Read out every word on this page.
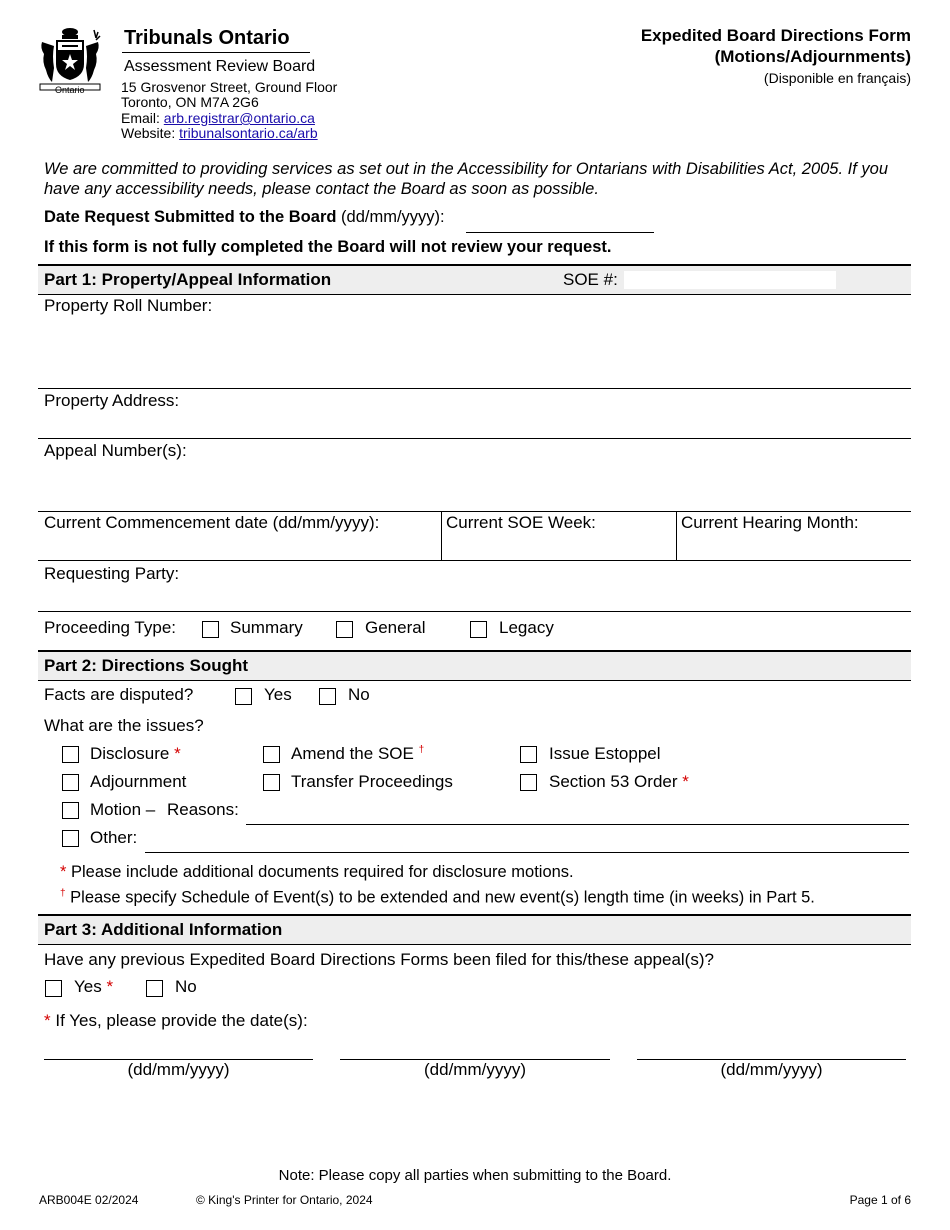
Ontario
Tribunals Ontario
Assessment Review Board
15 Grosvenor Street, Ground Floor
Toronto, ON M7A 2G6
Email: arb.registrar@ontario.ca
Website: tribunalsontario.ca/arb
Expedited Board Directions Form
(Motions/Adjournments)
(Disponible en français)
We are committed to providing services as set out in the Accessibility for Ontarians with Disabilities Act, 2005. If you have any accessibility needs, please contact the Board as soon as possible.
Date Request Submitted to the Board (dd/mm/yyyy):
If this form is not fully completed the Board will not review your request.
Part 1: Property/Appeal Information	SOE #:
Property Roll Number:
Property Address:
Appeal Number(s):
Current Commencement date (dd/mm/yyyy):	Current SOE Week:	Current Hearing Month:
Requesting Party:
Proceeding Type:	Summary	General	Legacy
Part 2: Directions Sought
Facts are disputed?	Yes	No
What are the issues?
Disclosure *	Amend the SOE †	Issue Estoppel
Adjournment	Transfer Proceedings	Section 53 Order *
Motion – Reasons:
Other:
* Please include additional documents required for disclosure motions.
† Please specify Schedule of Event(s) to be extended and new event(s) length time (in weeks) in Part 5.
Part 3: Additional Information
Have any previous Expedited Board Directions Forms been filed for this/these appeal(s)?
Yes *	No
* If Yes, please provide the date(s):
(dd/mm/yyyy)	(dd/mm/yyyy)	(dd/mm/yyyy)
Note: Please copy all parties when submitting to the Board.
ARB004E 02/2024	© King's Printer for Ontario, 2024	Page 1 of 6
